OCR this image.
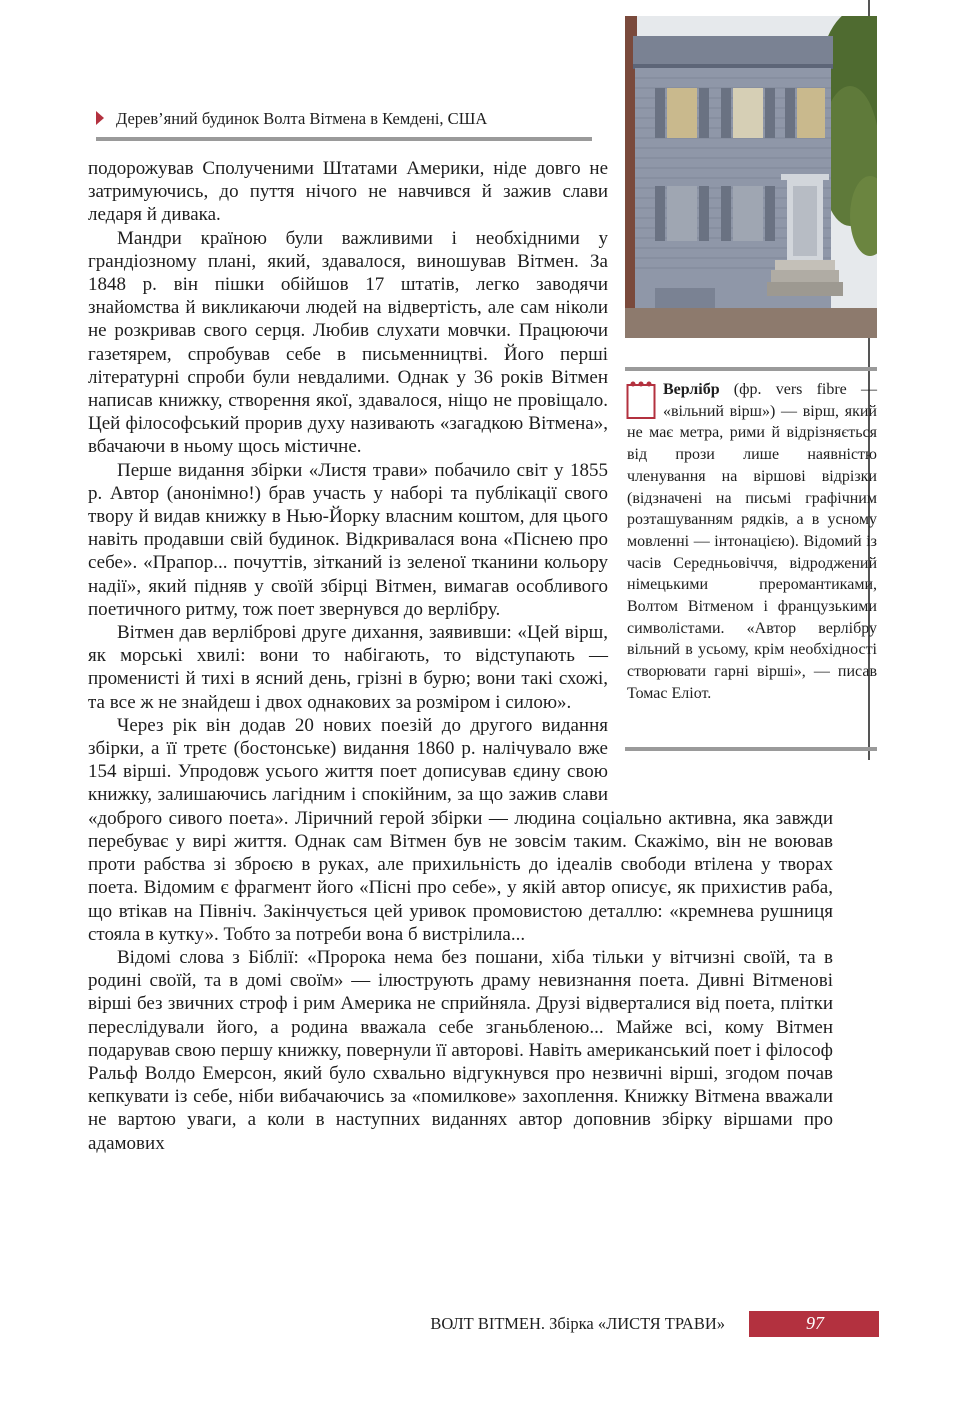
Дерев’яний будинок Волта Вітмена в Кемдені, США

Верлібр (фр. vers fibre — «вільний вірш») — вірш, який не має метра, рими й відрізняється від прози лише наявністю членування на віршові відрізки (відзначені на письмі графічним розташуванням рядків, а в усному мовленні — інтонацією). Відомий із часів Середньовіччя, відроджений німецькими преромантиками, Волтом Вітменом і французькими символістами. «Автор верлібру вільний в усьому, крім необхідності створювати гарні вірші», — писав Томас Еліот.

подорожував Сполученими Штатами Америки, ніде довго не затримуючись, до пуття нічого не навчився й зажив слави ледаря й дивака.

Мандри країною були важливими і необхідними у грандіозному плані, який, здавалося, виношував Вітмен. За 1848 р. він пішки обійшов 17 штатів, легко заводячи знайомства й викликаючи людей на відвертість, але сам ніколи не розкривав свого серця. Любив слухати мовчки. Працюючи газетярем, спробував себе в письменництві. Його перші літературні спроби були невдалими. Однак у 36 років Вітмен написав книжку, створення якої, здавалося, ніщо не провіщало. Цей філософський прорив духу називають «загадкою Вітмена», вбачаючи в ньому щось містичне.

Перше видання збірки «Листя трави» побачило світ у 1855 р. Автор (анонімно!) брав участь у наборі та публікації свого твору й видав книжку в Нью-Йорку власним коштом, для цього навіть продавши свій будинок. Відкривалася вона «Піснею про себе». «Прапор... почуттів, зітканий із зеленої тканини кольору надії», який підняв у своїй збірці Вітмен, вимагав особливого поетичного ритму, тож поет звернувся до верлібру.

Вітмен дав верліброві друге дихання, заявивши: «Цей вірш, як морські хвилі: вони то набігають, то відступають — променисті й тихі в ясний день, грізні в бурю; вони такі схожі, та все ж не знайдеш і двох однакових за розміром і силою».

Через рік він додав 20 нових поезій до другого видання збірки, а її третє (бостонське) видання 1860 р. налічувало вже 154 вірші. Упродовж усього життя поет дописував єдину свою книжку, залишаючись лагідним і спокійним, за що зажив слави «доброго сивого поета». Ліричний герой збірки — людина соціально активна, яка завжди перебуває у вирі життя. Однак сам Вітмен був не зовсім таким. Скажімо, він не воював проти рабства зі зброєю в руках, але прихильність до ідеалів свободи втілена у творах поета. Відомим є фрагмент його «Пісні про себе», у якій автор описує, як прихистив раба, що втікав на Північ. Закінчується цей уривок промовистою деталлю: «кремнева рушниця стояла в кутку». Тобто за потреби вона б вистрілила...

Відомі слова з Біблії: «Пророка нема без пошани, хіба тільки у вітчизні своїй, та в родині своїй, та в домі своїм» — ілюструють драму невизнання поета. Дивні Вітменові вірші без звичних строф і рим Америка не сприйняла. Друзі відверталися від поета, плітки переслідували його, а родина вважала себе зганьбленою... Майже всі, кому Вітмен подарував свою першу книжку, повернули її авторові. Навіть американський поет і філософ Ральф Волдо Емерсон, який було схвально відгукнувся про незвичні вірші, згодом почав кепкувати із себе, ніби вибачаючись за «помилкове» захоплення. Книжку Вітмена вважали не вартою уваги, а коли в наступних виданнях автор доповнив збірку віршами про адамових

ВОЛТ ВІТМЕН. Збірка «ЛИСТЯ ТРАВИ»	97
